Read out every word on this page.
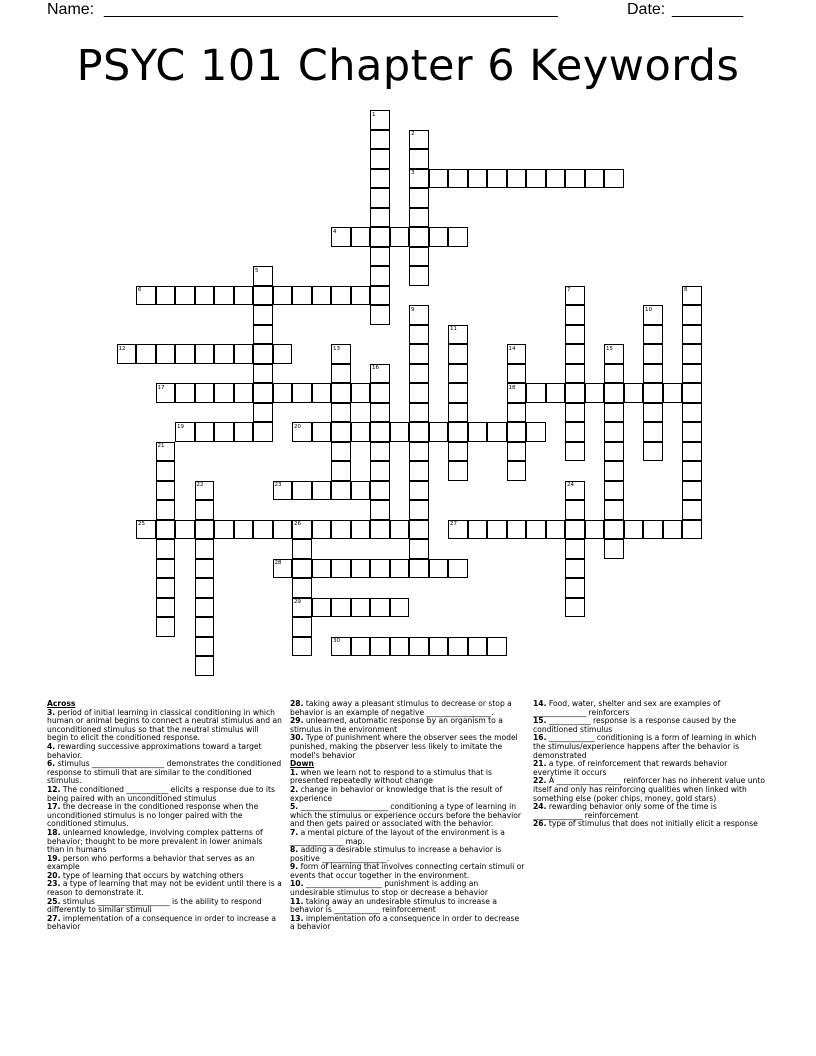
Name: ___________________________________________________	Date: ________
PSYC 101 Chapter 6 Keywords
1
2
3
4
5
6	7	8
9	10
11
12	13	14	15
16
17	18
19	20
21
22	23	24
25	26	27
28
29
30
Across
3. period of initial learning in classical conditioning in which human or animal begins to connect a neutral stimulus and an unconditioned stimulus so that the neutral stimulus will begin to elicit the conditioned response.
4. rewarding successive approximations toward a target behavior.
6. stimulus ___________________ demonstrates the conditioned response to stimuli that are similar to the conditioned stimulus.
12. The conditioned ___________ elicits a response due to its being paired with an unconditioned stimulus
17. the decrease in the conditioned response when the unconditioned stimulus is no longer paired with the conditioned stimulus.
18. unlearned knowledge, involving complex patterns of behavior; thought to be more prevalent in lower animals than in humans
19. person who performs a behavior that serves as an example
20. type of learning that occurs by watching others
23. a type of learning that may not be evident until there is a reason to demonstrate it.
25. stimulus ___________________ is the ability to respond differently to similar stimuli
27. implementation of a consequence in order to increase a behavior
28. taking away a pleasant stimulus to decrease or stop a behavior is an example of negative _________________.
29. unlearned, automatic response by an organism to a stimulus in the environment
30. Type of punishment where the observer sees the model punished, making the pbserver less likely to imitate the model's behavior
Down
1. when we learn not to respond to a stimulus that is presented repeatedly without change
2. change in behavior or knowledge that is the result of experience
5. _______________________ conditioning a type of learning in which the stimulus or experience occurs before the behavior and then gets paired or associated with the behavior.
7. a mental picture of the layout of the environment is a ______________ map.
8. adding a desirable stimulus to increase a behavior is positive _________________.
9. form of learning that involves connecting certain stimuli or events that occur together in the environment.
10. ____________________ punishment is adding an undesirable stimulus to stop or decrease a behavior
11. taking away an undesirable stimulus to increase a behavior is ____________ reinforcement
13. implementation ofo a consequence in order to decrease a behavior
14. Food, water, shelter and sex are examples of ______________ reinforcers
15. ___________ response is a response caused by the conditioned stimulus
16. ____________ conditioning is a form of learning in which the stimulus/experience happens after the behavior is demonstrated
21. a type. of reinforcement that rewards behavior everytime it occurs
22. A _________________ reinforcer has no inherent value unto itself and only has reinforcing qualities when linked with something else (poker chips, money, gold stars)
24. rewarding behavior only some of the time is _____________ reinforcement
26. type of stimulus that does not initially elicit a response
